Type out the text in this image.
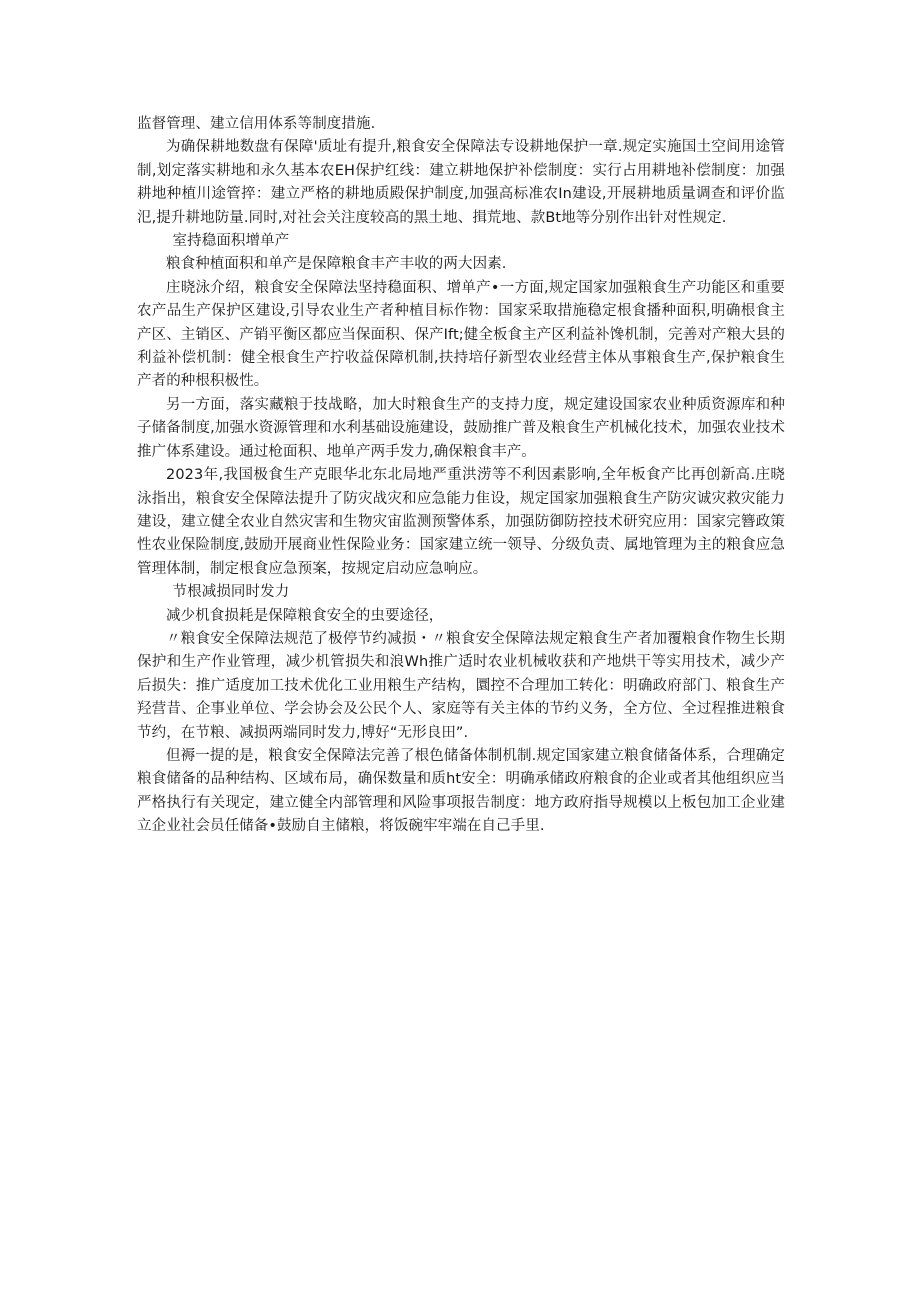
监督管理、建立信用体系等制度措施.

为确保耕地数盘有保障'质址有提升,粮食安全保障法专设耕地保护一章.规定实施国土空间用途管制,划定落实耕地和永久基本农EH保护红线：建立耕地保护补偿制度：实行占用耕地补偿制度：加强耕地种植川途管捽：建立严格的耕地质殿保护制度,加强高标准农In建设,开展耕地质量调查和评价监氾,提升耕地防量.同时,对社会关注度较高的黑土地、揖荒地、款Bt地等分别作出针对性规定.

室持稳面积增单产

粮食种植面积和单产是保障粮食丰产丰收的两大因素.

庄晓泳介绍，粮食安全保障法坚持稳面积、增单产•一方面,规定国家加强粮食生产功能区和重要农产品生产保护区建设,引导农业生产者种植目标作物：国家采取措施稳定根食播种面积,明确根食主产区、主销区、产销平衡区都应当保面积、保产Ift;健全板食主产区利益补馋机制，完善对产粮大县的利益补偿机制：健全根食生产拧收益保障机制,扶持培仔新型农业经营主体从事粮食生产,保护粮食生产者的种根积极性。

另一方面，落实藏粮于技战略，加大时粮食生产的支持力度，规定建设国家农业种质资源库和种子储备制度,加强水资源管理和水利基础设施建设，鼓励推广普及粮食生产机械化技术，加强农业技术推广体系建设。通过枪面积、地单产两手发力,确保粮食丰产。

2023年,我国极食生产克眼华北东北局地严重洪涝等不利因素影响,全年板食产比再创新高.庄晓泳指出，粮食安全保障法提升了防灾战灾和应急能力隹设，规定国家加强粮食生产防灾诚灾救灾能力建设，建立健全农业自然灾害和生物灾宙监测预警体系，加强防御防控技术研究应用：国家完簪政策性农业保险制度,鼓励开展商业性保险业务：国家建立统一领导、分级负责、属地管理为主的粮食应急管理体制，制定根食应急预案，按规定启动应急响应。

节根减损同时发力

减少机食损耗是保障粮食安全的虫要途径，

〃粮食安全保障法规范了极停节约减损・〃粮食安全保障法规定粮食生产者加覆粮食作物生长期保护和生产作业管理，减少机管损失和浪Wh推广适时农业机械收获和产地烘干等实用技术，减少产后损失：推广适度加工技术优化工业用粮生产结构，圜控不合理加工转化：明确政府部门、粮食生产羟营昔、企事业单位、学会协会及公民个人、家庭等有关主体的节约义务，全方位、全过程推进粮食节约，在节粮、减损两端同时发力,博好“无形良田”.

但褥一提的是，粮食安全保障法完善了根色储备体制机制.规定国家建立粮食储备体系，合理确定粮食储备的品种结构、区域布局，确保数量和质ht安全：明确承储政府粮食的企业或者其他组织应当严格执行有关现定，建立健全内部管理和风险事项报告制度：地方政府指导规模以上板包加工企业建立企业社会员任储备•鼓励自主储粮，将饭碗牢牢端在自己手里.
